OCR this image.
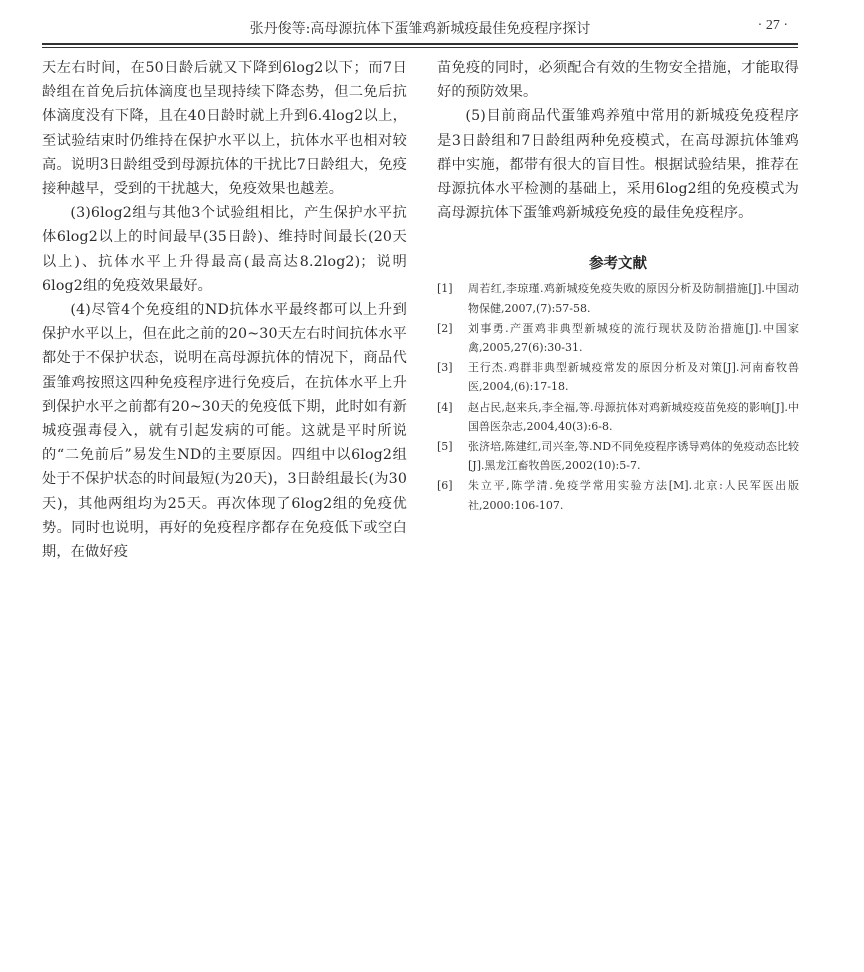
张丹俊等:高母源抗体下蛋雏鸡新城疫最佳免疫程序探讨	· 27 ·

天左右时间，在50日龄后就又下降到6log2以下；而7日龄组在首免后抗体滴度也呈现持续下降态势，但二免后抗体滴度没有下降，且在40日龄时就上升到6.4log2以上，至试验结束时仍维持在保护水平以上，抗体水平也相对较高。说明3日龄组受到母源抗体的干扰比7日龄组大，免疫接种越早，受到的干扰越大，免疫效果也越差。

(3)6log2组与其他3个试验组相比，产生保护水平抗体6log2以上的时间最早(35日龄)、维持时间最长(20天以上)、抗体水平上升得最高(最高达8.2log2)；说明6log2组的免疫效果最好。

(4)尽管4个免疫组的ND抗体水平最终都可以上升到保护水平以上，但在此之前的20~30天左右时间抗体水平都处于不保护状态，说明在高母源抗体的情况下，商品代蛋雏鸡按照这四种免疫程序进行免疫后，在抗体水平上升到保护水平之前都有20~30天的免疫低下期，此时如有新城疫强毒侵入，就有引起发病的可能。这就是平时所说的“二免前后”易发生ND的主要原因。四组中以6log2组处于不保护状态的时间最短(为20天)，3日龄组最长(为30天)，其他两组均为25天。再次体现了6log2组的免疫优势。同时也说明，再好的免疫程序都存在免疫低下或空白期，在做好疫

苗免疫的同时，必须配合有效的生物安全措施，才能取得好的预防效果。

(5)目前商品代蛋雏鸡养殖中常用的新城疫免疫程序是3日龄组和7日龄组两种免疫模式，在高母源抗体雏鸡群中实施，都带有很大的盲目性。根据试验结果，推荐在母源抗体水平检测的基础上，采用6log2组的免疫模式为高母源抗体下蛋雏鸡新城疫免疫的最佳免疫程序。

参考文献
[1]	周若红,李琼瑾.鸡新城疫免疫失败的原因分析及防制措施[J].中国动物保健,2007,(7):57-58.
[2]	刘事勇.产蛋鸡非典型新城疫的流行现状及防治措施[J].中国家禽,2005,27(6):30-31.
[3]	王行杰.鸡群非典型新城疫常发的原因分析及对策[J].河南畜牧兽医,2004,(6):17-18.
[4]	赵占民,赵来兵,李全福,等.母源抗体对鸡新城疫疫苗免疫的影响[J].中国兽医杂志,2004,40(3):6-8.
[5]	张济培,陈建红,司兴奎,等.ND不同免疫程序诱导鸡体的免疫动态比较[J].黑龙江畜牧兽医,2002(10):5-7.
[6]	朱立平,陈学清.免疫学常用实验方法[M].北京:人民军医出版社,2000:106-107.
